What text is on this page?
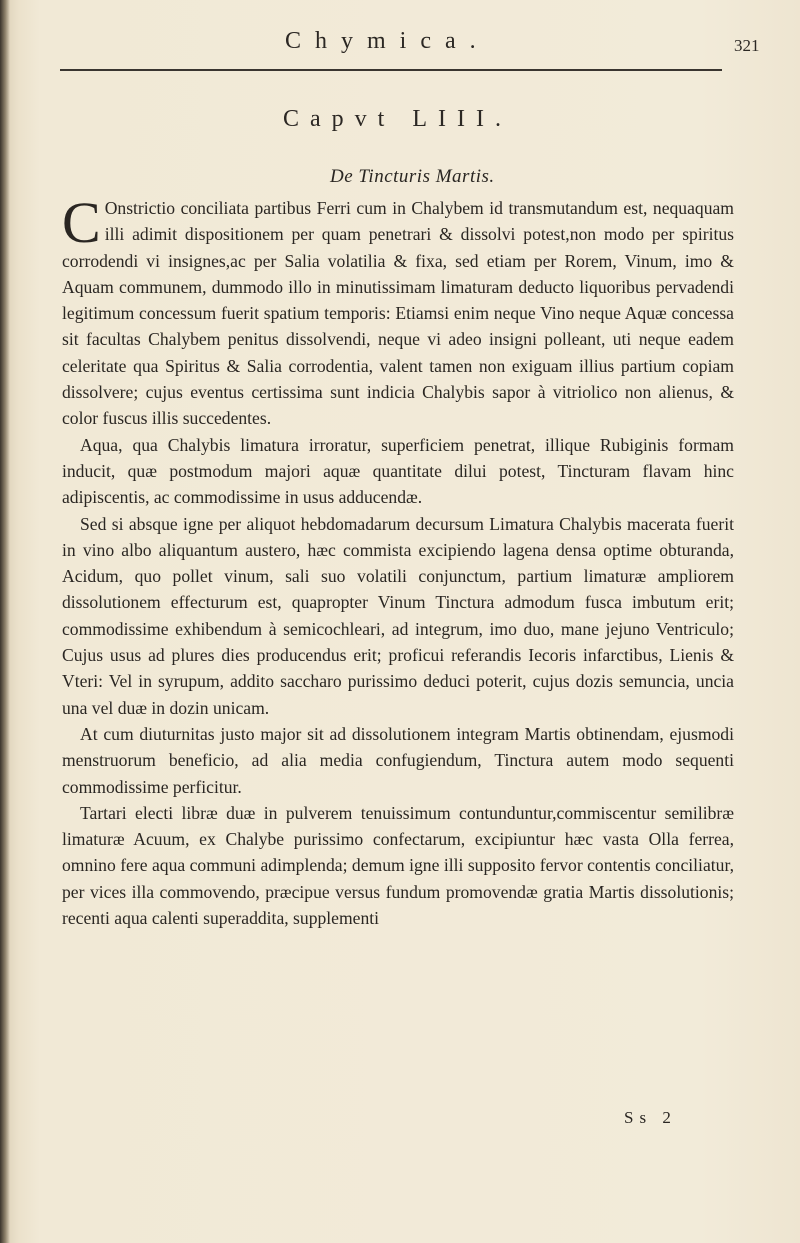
Chymica.	321
Capvt LIII.
De Tincturis Martis.

C Onstrictio conciliata partibus Ferri cum in Chalybem id transmutandum est, nequaquam illi adimit dispositionem per quam penetrari & dissolvi potest,non modo per spiritus corrodendi vi insignes,ac per Salia volatilia & fixa, sed etiam per Rorem, Vinum, imo & Aquam communem, dummodo illo in minutissimam limaturam deducto liquoribus pervadendi legitimum concessum fuerit spatium temporis: Etiamsi enim neque Vino neque Aquæ concessa sit facultas Chalybem penitus dissolvendi, neque vi adeo insigni polleant, uti neque eadem celeritate qua Spiritus & Salia corrodentia, valent tamen non exiguam illius partium copiam dissolvere; cujus eventus certissima sunt indicia Chalybis sapor à vitriolico non alienus, & color fuscus illis succedentes.

Aqua, qua Chalybis limatura irroratur, superficiem penetrat, illique Rubiginis formam inducit, quæ postmodum majori aquæ quantitate dilui potest, Tincturam flavam hinc adipiscentis, ac commodissime in usus adducendæ.

Sed si absque igne per aliquot hebdomadarum decursum Limatura Chalybis macerata fuerit in vino albo aliquantum austero, hæc commista excipiendo lagena densa optime obturanda, Acidum, quo pollet vinum, sali suo volatili conjunctum, partium limaturæ ampliorem dissolutionem effecturum est, quapropter Vinum Tinctura admodum fusca imbutum erit; commodissime exhibendum à semicochleari, ad integrum, imo duo, mane jejuno Ventriculo; Cujus usus ad plures dies producendus erit; proficui referandis Iecoris infarctibus, Lienis & Vteri: Vel in syrupum, addito saccharo purissimo deduci poterit, cujus dozis semuncia, uncia una vel duæ in dozin unicam.

At cum diuturnitas justo major sit ad dissolutionem integram Martis obtinendam, ejusmodi menstruorum beneficio, ad alia media confugiendum, Tinctura autem modo sequenti commodissime perficitur.

Tartari electi libræ duæ in pulverem tenuissimum contunduntur,commiscentur semilibræ limaturæ Acuum, ex Chalybe purissimo confectarum, excipiuntur hæc vasta Olla ferrea, omnino fere aqua communi adimplenda; demum igne illi supposito fervor contentis conciliatur, per vices illa commovendo, præcipue versus fundum promovendæ gratia Martis dissolutionis; recenti aqua calenti superaddita, supplementi

Ss 2
